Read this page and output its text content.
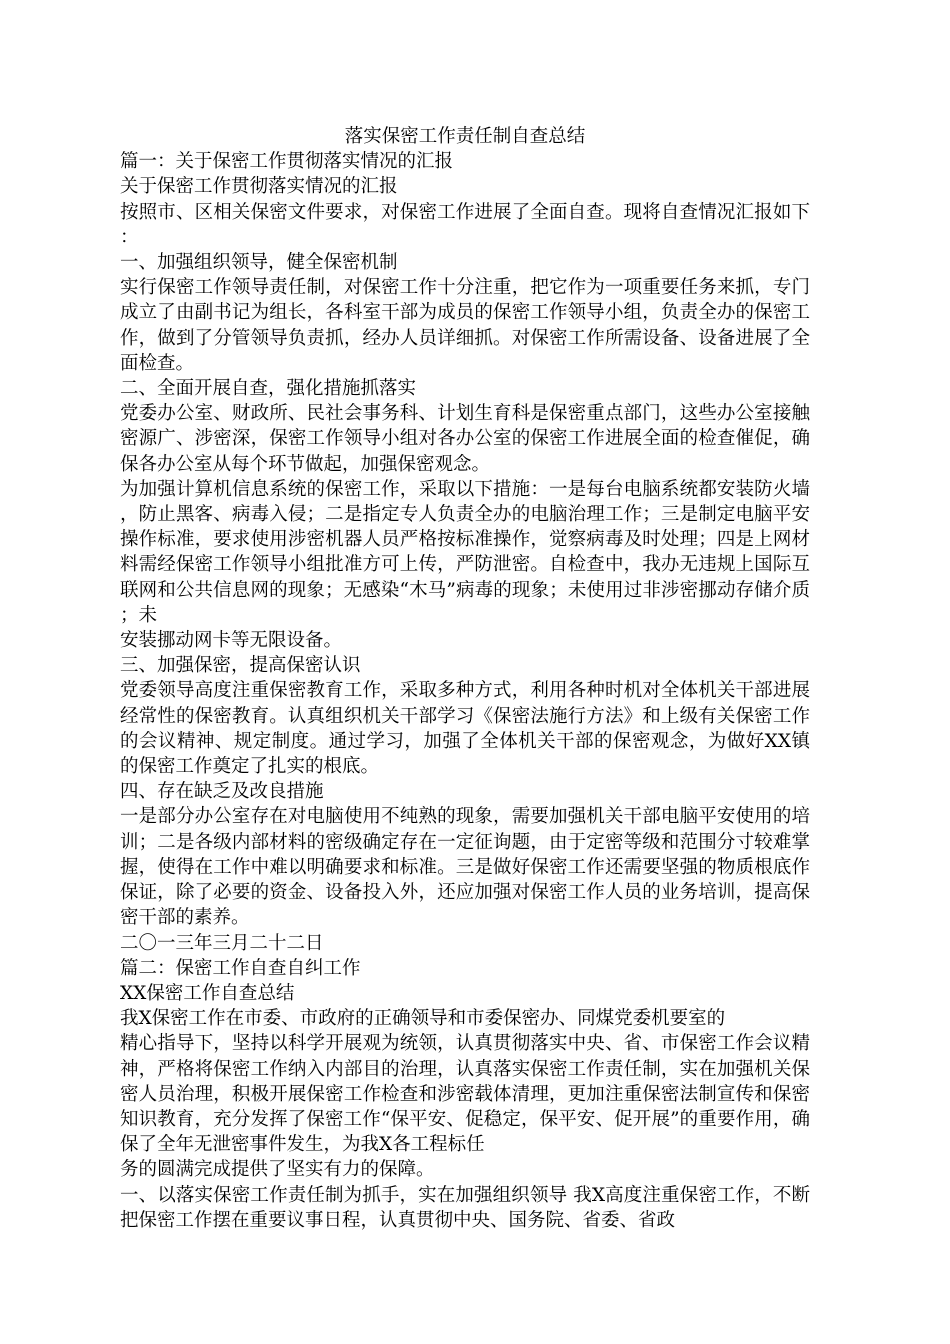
落实保密工作责任制自查总结

篇一：关于保密工作贯彻落实情况的汇报

关于保密工作贯彻落实情况的汇报

按照市、区相关保密文件要求，对保密工作进展了全面自查。现将自查情况汇报如下：

一、加强组织领导，健全保密机制

实行保密工作领导责任制，对保密工作十分注重，把它作为一项重要任务来抓，专门成立了由副书记为组长，各科室干部为成员的保密工作领导小组，负责全办的保密工作，做到了分管领导负责抓，经办人员详细抓。对保密工作所需设备、设备进展了全面检查。

二、全面开展自查，强化措施抓落实

党委办公室、财政所、民社会事务科、计划生育科是保密重点部门，这些办公室接触密源广、涉密深，保密工作领导小组对各办公室的保密工作进展全面的检查催促，确保各办公室从每个环节做起，加强保密观念。

为加强计算机信息系统的保密工作，采取以下措施：一是每台电脑系统都安装防火墙，防止黑客、病毒入侵；二是指定专人负责全办的电脑治理工作；三是制定电脑平安操作标准，要求使用涉密机器人员严格按标准操作，觉察病毒及时处理；四是上网材料需经保密工作领导小组批准方可上传，严防泄密。自检查中，我办无违规上国际互联网和公共信息网的现象；无感染“木马”病毒的现象；未使用过非涉密挪动存储介质；未

安装挪动网卡等无限设备。

三、加强保密，提高保密认识

党委领导高度注重保密教育工作，采取多种方式，利用各种时机对全体机关干部进展经常性的保密教育。认真组织机关干部学习《保密法施行方法》和上级有关保密工作的会议精神、规定制度。通过学习，加强了全体机关干部的保密观念，为做好XX镇的保密工作奠定了扎实的根底。

四、存在缺乏及改良措施

一是部分办公室存在对电脑使用不纯熟的现象，需要加强机关干部电脑平安使用的培训；二是各级内部材料的密级确定存在一定征询题，由于定密等级和范围分寸较难掌握，使得在工作中难以明确要求和标准。三是做好保密工作还需要坚强的物质根底作保证，除了必要的资金、设备投入外，还应加强对保密工作人员的业务培训，提高保密干部的素养。

二〇一三年三月二十二日

篇二：保密工作自查自纠工作

XX保密工作自查总结

我X保密工作在市委、市政府的正确领导和市委保密办、同煤党委机要室的

精心指导下，坚持以科学开展观为统领，认真贯彻落实中央、省、市保密工作会议精神，严格将保密工作纳入内部目的治理，认真落实保密工作责任制，实在加强机关保密人员治理，积极开展保密工作检查和涉密载体清理，更加注重保密法制宣传和保密知识教育，充分发挥了保密工作“保平安、促稳定，保平安、促开展”的重要作用，确保了全年无泄密事件发生，为我X各工程标任

务的圆满完成提供了坚实有力的保障。

一、以落实保密工作责任制为抓手，实在加强组织领导 我X高度注重保密工作，不断把保密工作摆在重要议事日程，认真贯彻中央、国务院、省委、省政
